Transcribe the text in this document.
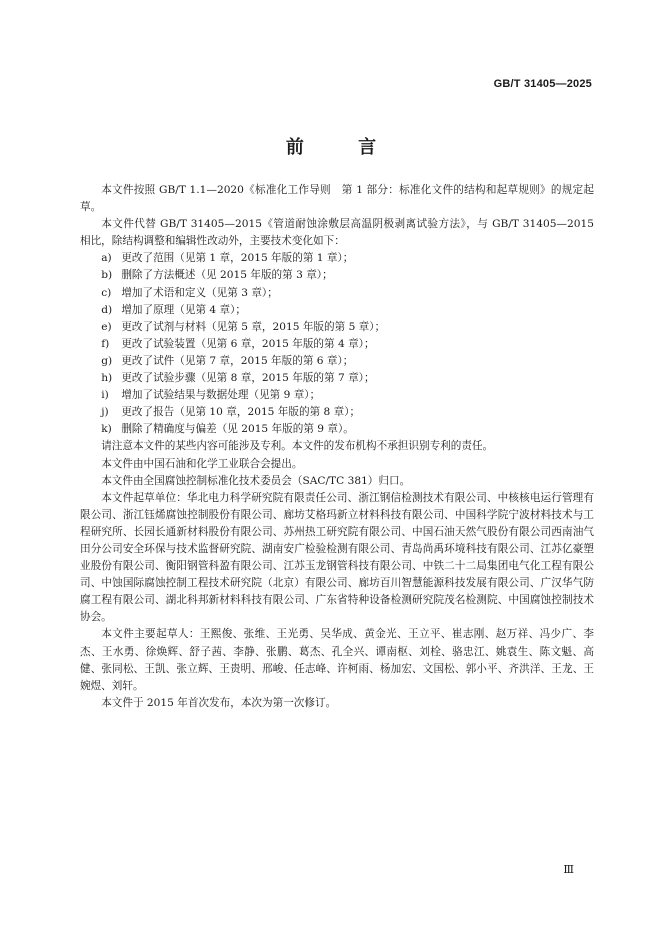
GB/T 31405—2025
前 言

本文件按照 GB/T 1.1—2020《标准化工作导则　第 1 部分：标准化文件的结构和起草规则》的规定起草。

本文件代替 GB/T 31405—2015《管道耐蚀涂敷层高温阴极剥离试验方法》，与 GB/T 31405—2015 相比，除结构调整和编辑性改动外，主要技术变化如下：

a) 更改了范围（见第 1 章，2015 年版的第 1 章）；

b) 删除了方法概述（见 2015 年版的第 3 章）；

c) 增加了术语和定义（见第 3 章）；

d) 增加了原理（见第 4 章）；

e) 更改了试剂与材料（见第 5 章，2015 年版的第 5 章）；

f) 更改了试验装置（见第 6 章，2015 年版的第 4 章）；

g) 更改了试件（见第 7 章，2015 年版的第 6 章）；

h) 更改了试验步骤（见第 8 章，2015 年版的第 7 章）；

i) 增加了试验结果与数据处理（见第 9 章）；

j) 更改了报告（见第 10 章，2015 年版的第 8 章）；

k) 删除了精确度与偏差（见 2015 年版的第 9 章）。

请注意本文件的某些内容可能涉及专利。本文件的发布机构不承担识别专利的责任。

本文件由中国石油和化学工业联合会提出。

本文件由全国腐蚀控制标准化技术委员会（SAC/TC 381）归口。

本文件起草单位：华北电力科学研究院有限责任公司、浙江钢信检测技术有限公司、中核核电运行管理有限公司、浙江钰烯腐蚀控制股份有限公司、廊坊艾格玛新立材料科技有限公司、中国科学院宁波材料技术与工程研究所、长园长通新材料股份有限公司、苏州热工研究院有限公司、中国石油天然气股份有限公司西南油气田分公司安全环保与技术监督研究院、湖南安广检验检测有限公司、青岛尚禹环境科技有限公司、江苏亿豪塑业股份有限公司、衡阳钢管科盈有限公司、江苏玉龙钢管科技有限公司、中铁二十二局集团电气化工程有限公司、中蚀国际腐蚀控制工程技术研究院（北京）有限公司、廊坊百川智慧能源科技发展有限公司、广汉华气防腐工程有限公司、湖北科邦新材料科技有限公司、广东省特种设备检测研究院茂名检测院、中国腐蚀控制技术协会。

本文件主要起草人：王熙俊、张维、王光勇、吴华成、黄金光、王立平、崔志刚、赵万祥、冯少广、李杰、王水勇、徐焕辉、舒子茜、李静、张鹏、葛杰、孔全兴、谭南枢、刘栓、骆忠江、姚袁生、陈文魁、高健、张同松、王凯、张立辉、王贵明、邢峻、任志峰、许柯雨、杨加宏、文国松、郭小平、齐洪洋、王龙、王婉煜、刘轩。

本文件于 2015 年首次发布，本次为第一次修订。

Ⅲ
